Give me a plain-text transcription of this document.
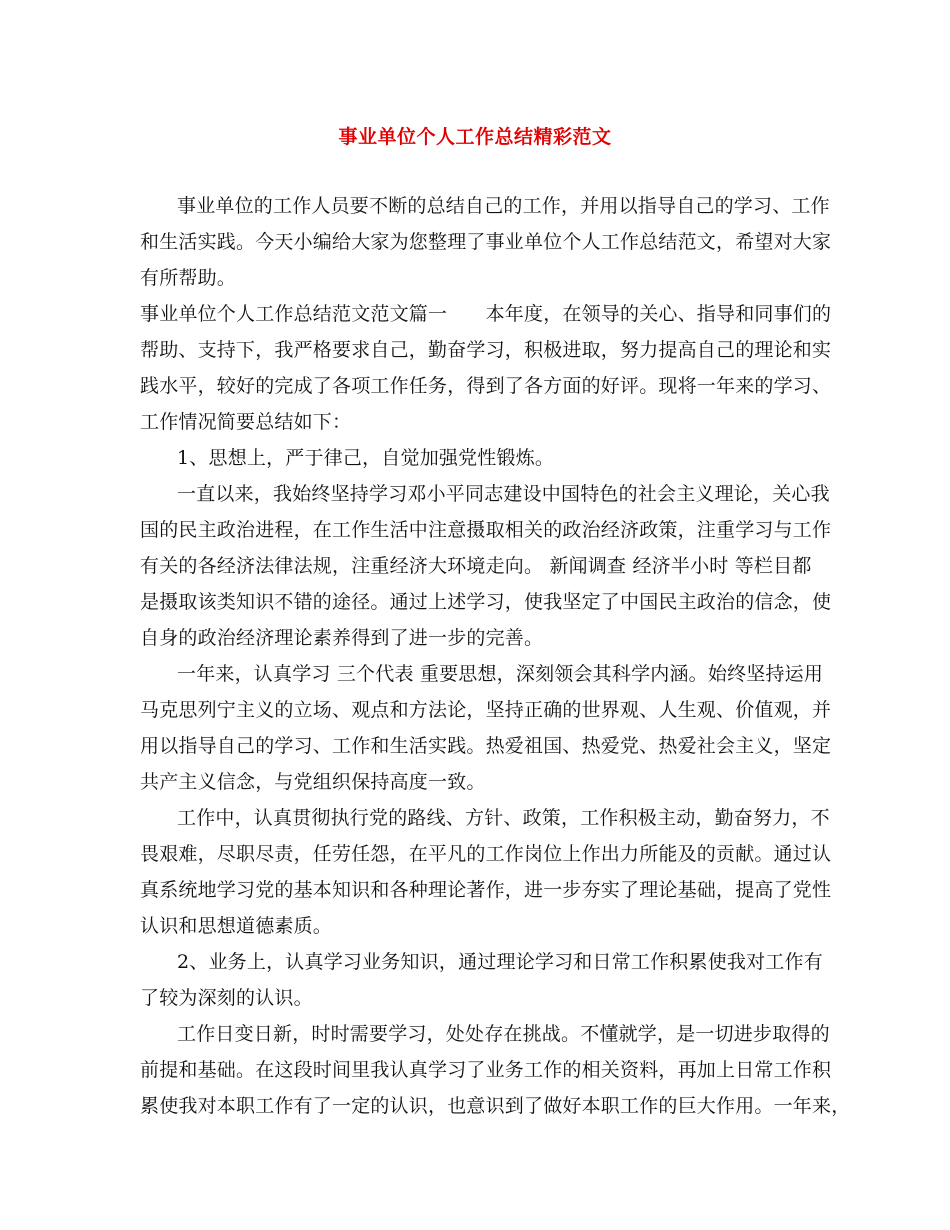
事业单位个人工作总结精彩范文
事业单位的工作人员要不断的总结自己的工作，并用以指导自己的学习、工作
和生活实践。今天小编给大家为您整理了事业单位个人工作总结范文，希望对大家
有所帮助。
事业单位个人工作总结范文范文篇一　　本年度，在领导的关心、指导和同事们的
帮助、支持下，我严格要求自己，勤奋学习，积极进取，努力提高自己的理论和实
践水平，较好的完成了各项工作任务，得到了各方面的好评。现将一年来的学习、
工作情况简要总结如下：
1、思想上，严于律己，自觉加强党性锻炼。
一直以来，我始终坚持学习邓小平同志建设中国特色的社会主义理论，关心我
国的民主政治进程，在工作生活中注意摄取相关的政治经济政策，注重学习与工作
有关的各经济法律法规，注重经济大环境走向。 新闻调查 经济半小时 等栏目都
是摄取该类知识不错的途径。通过上述学习，使我坚定了中国民主政治的信念，使
自身的政治经济理论素养得到了进一步的完善。
一年来，认真学习 三个代表 重要思想，深刻领会其科学内涵。始终坚持运用
马克思列宁主义的立场、观点和方法论，坚持正确的世界观、人生观、价值观，并
用以指导自己的学习、工作和生活实践。热爱祖国、热爱党、热爱社会主义，坚定
共产主义信念，与党组织保持高度一致。
工作中，认真贯彻执行党的路线、方针、政策，工作积极主动，勤奋努力，不
畏艰难，尽职尽责，任劳任怨，在平凡的工作岗位上作出力所能及的贡献。通过认
真系统地学习党的基本知识和各种理论著作，进一步夯实了理论基础，提高了党性
认识和思想道德素质。
2、业务上，认真学习业务知识，通过理论学习和日常工作积累使我对工作有
了较为深刻的认识。
工作日变日新，时时需要学习，处处存在挑战。不懂就学，是一切进步取得的
前提和基础。在这段时间里我认真学习了业务工作的相关资料，再加上日常工作积
累使我对本职工作有了一定的认识，也意识到了做好本职工作的巨大作用。一年来，
